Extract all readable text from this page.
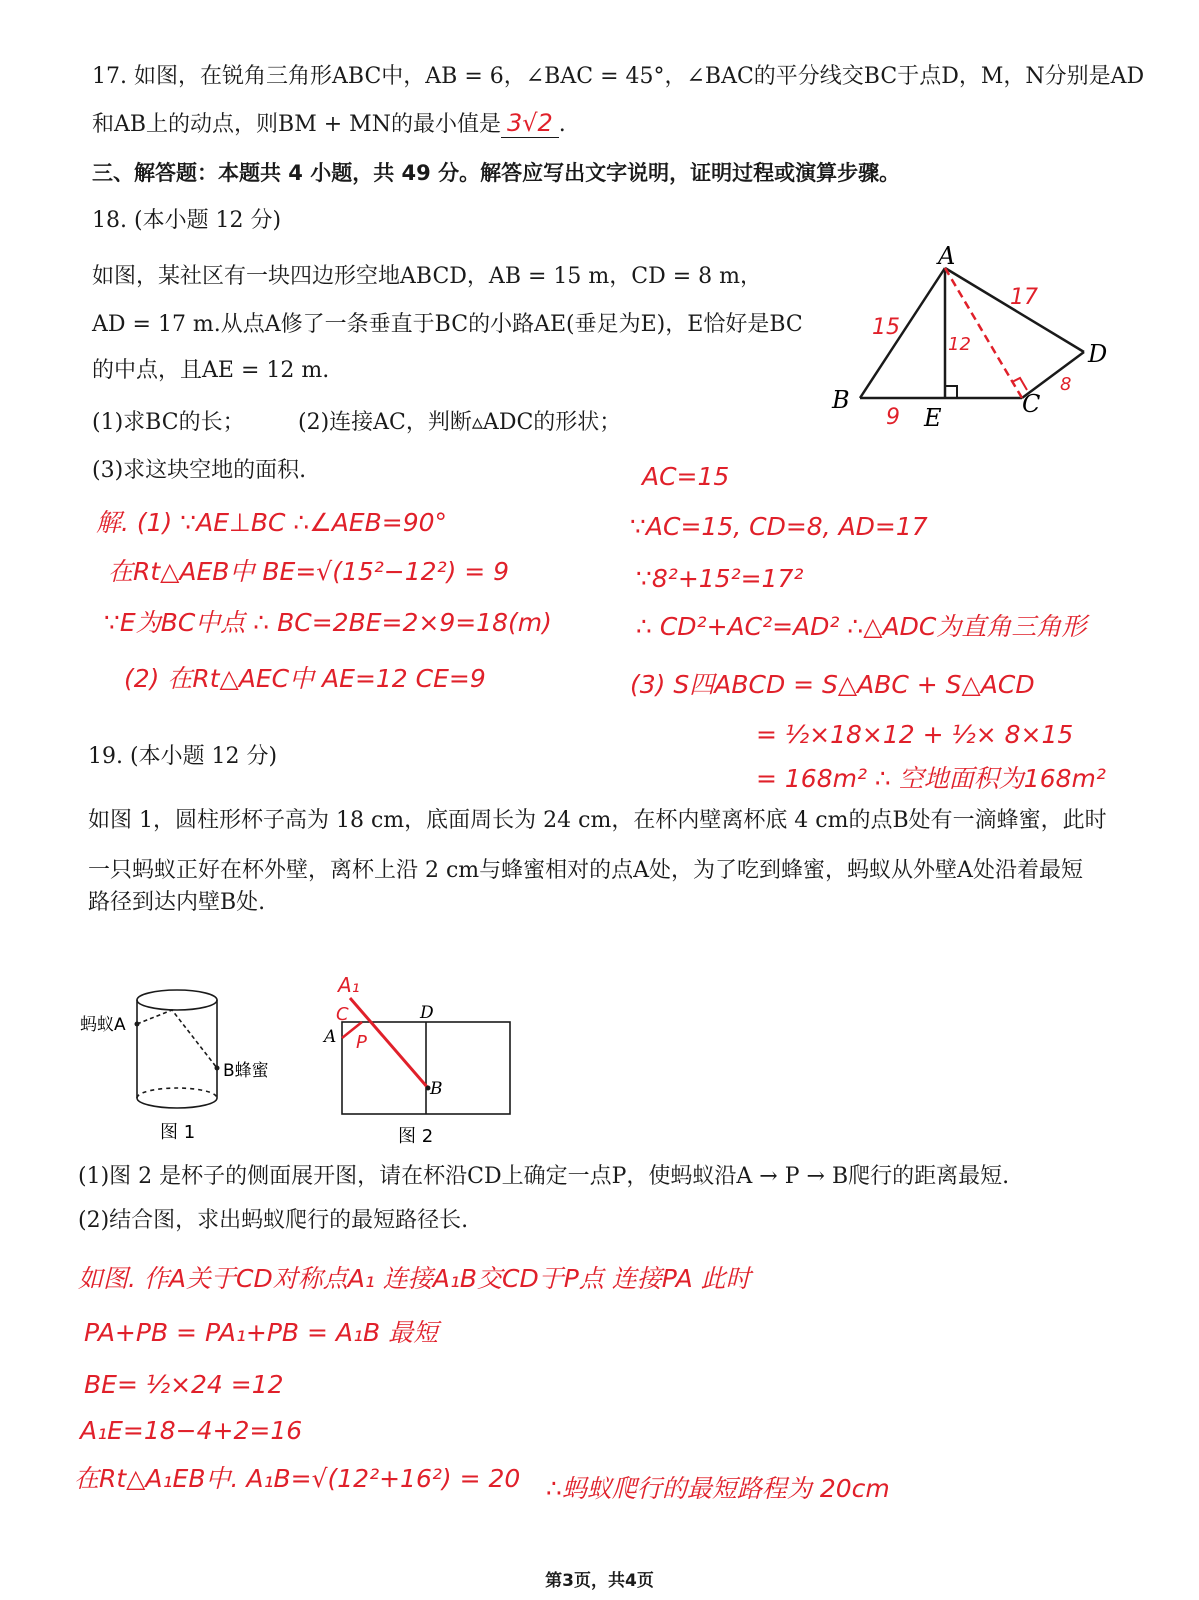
17. 如图，在锐角三角形ABC中，AB = 6，∠BAC = 45°，∠BAC的平分线交BC于点D，M，N分别是AD
和AB上的动点，则BM + MN的最小值是 3√2 .
三、解答题：本题共 4 小题，共 49 分。解答应写出文字说明，证明过程或演算步骤。
18. (本小题 12 分)
如图，某社区有一块四边形空地ABCD，AB = 15 m，CD = 8 m，
AD = 17 m.从点A修了一条垂直于BC的小路AE(垂足为E)，E恰好是BC
的中点，且AE = 12 m.
(1)求BC的长； (2)连接AC，判断▵ADC的形状；
(3)求这块空地的面积.
A
B	C
D
E
15
17
12
9
8
解. (1) ∵AE⊥BC ∴∠AEB=90°
在Rt△AEB中 BE=√(15²−12²) = 9
∵E为BC中点 ∴ BC=2BE=2×9=18(m)
(2) 在Rt△AEC中 AE=12 CE=9
AC=15
∵AC=15, CD=8, AD=17
∵8²+15²=17²
∴ CD²+AC²=AD² ∴△ADC为直角三角形
(3) S四ABCD = S△ABC + S△ACD
= ½×18×12 + ½× 8×15
= 168m² ∴ 空地面积为168m²
19. (本小题 12 分)
如图 1，圆柱形杯子高为 18 cm，底面周长为 24 cm，在杯内壁离杯底 4 cm的点B处有一滴蜂蜜，此时
一只蚂蚁正好在杯外壁，离杯上沿 2 cm与蜂蜜相对的点A处，为了吃到蜂蜜，蚂蚁从外壁A处沿着最短
路径到达内壁B处.
蚂蚁A
B蜂蜜
图 1
A₁
C
P
A
D
B
图 2
(1)图 2 是杯子的侧面展开图，请在杯沿CD上确定一点P，使蚂蚁沿A → P → B爬行的距离最短.
(2)结合图，求出蚂蚁爬行的最短路径长.
如图. 作A关于CD对称点A₁ 连接A₁B交CD于P点 连接PA 此时
PA+PB = PA₁+PB = A₁B 最短
BE= ½×24 =12
A₁E=18−4+2=16
在Rt△A₁EB中. A₁B=√(12²+16²) = 20 ∴蚂蚁爬行的最短路程为 20cm
第3页，共4页
